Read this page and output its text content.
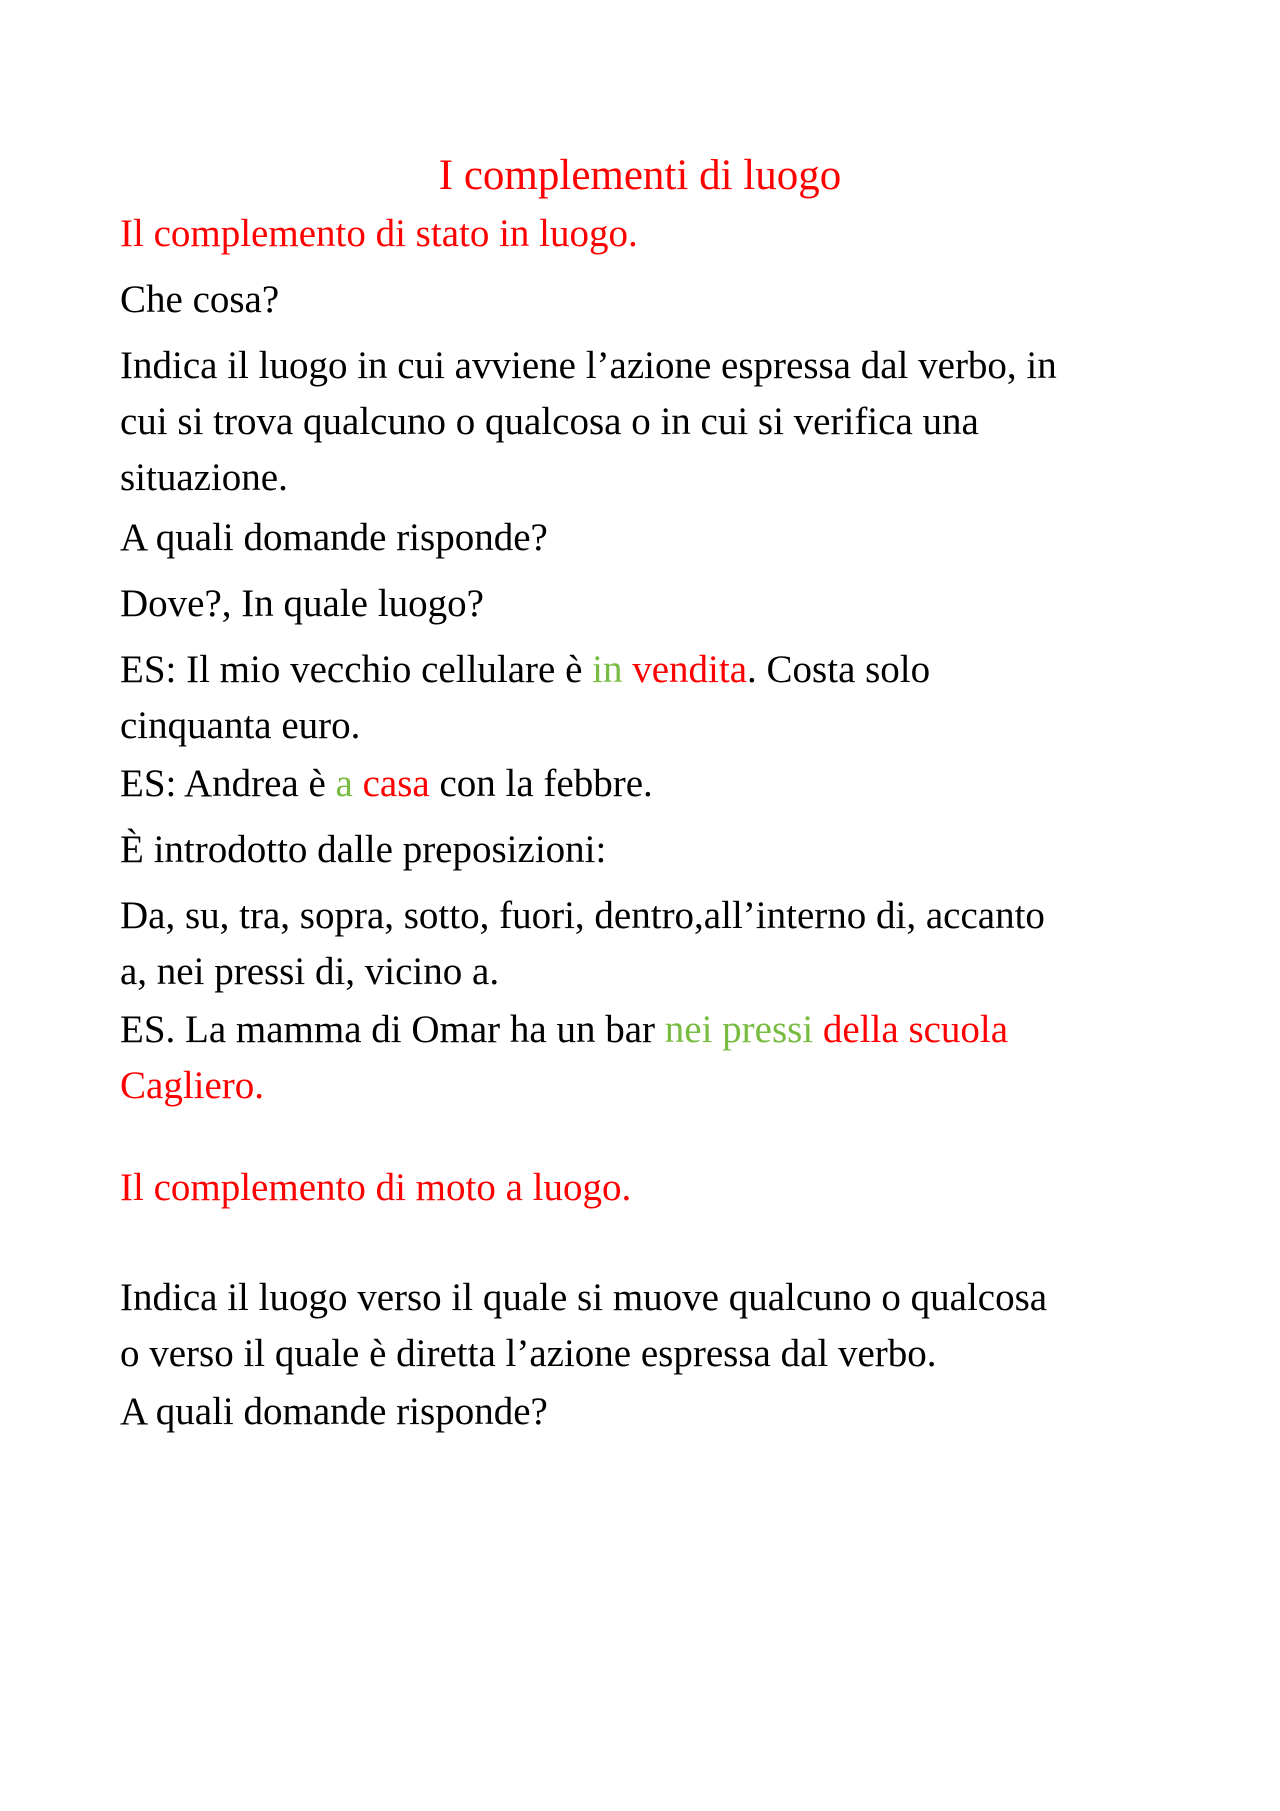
I complementi di luogo
Il complemento di stato in luogo.
Che cosa?
Indica il luogo in cui avviene l’azione espressa dal verbo, in
cui si trova qualcuno o qualcosa o in cui si verifica una
situazione.
A quali domande risponde?
Dove?, In quale luogo?
ES: Il mio vecchio cellulare è in vendita. Costa solo
cinquanta euro.
ES: Andrea è a casa con la febbre.
È introdotto dalle preposizioni:
Da, su, tra, sopra, sotto, fuori, dentro,all’interno di, accanto
a, nei pressi di, vicino a.
ES. La mamma di Omar ha un bar nei pressi della scuola
Cagliero.
Il complemento di moto a luogo.
Indica il luogo verso il quale si muove qualcuno o qualcosa
o verso il quale è diretta l’azione espressa dal verbo.
A quali domande risponde?
